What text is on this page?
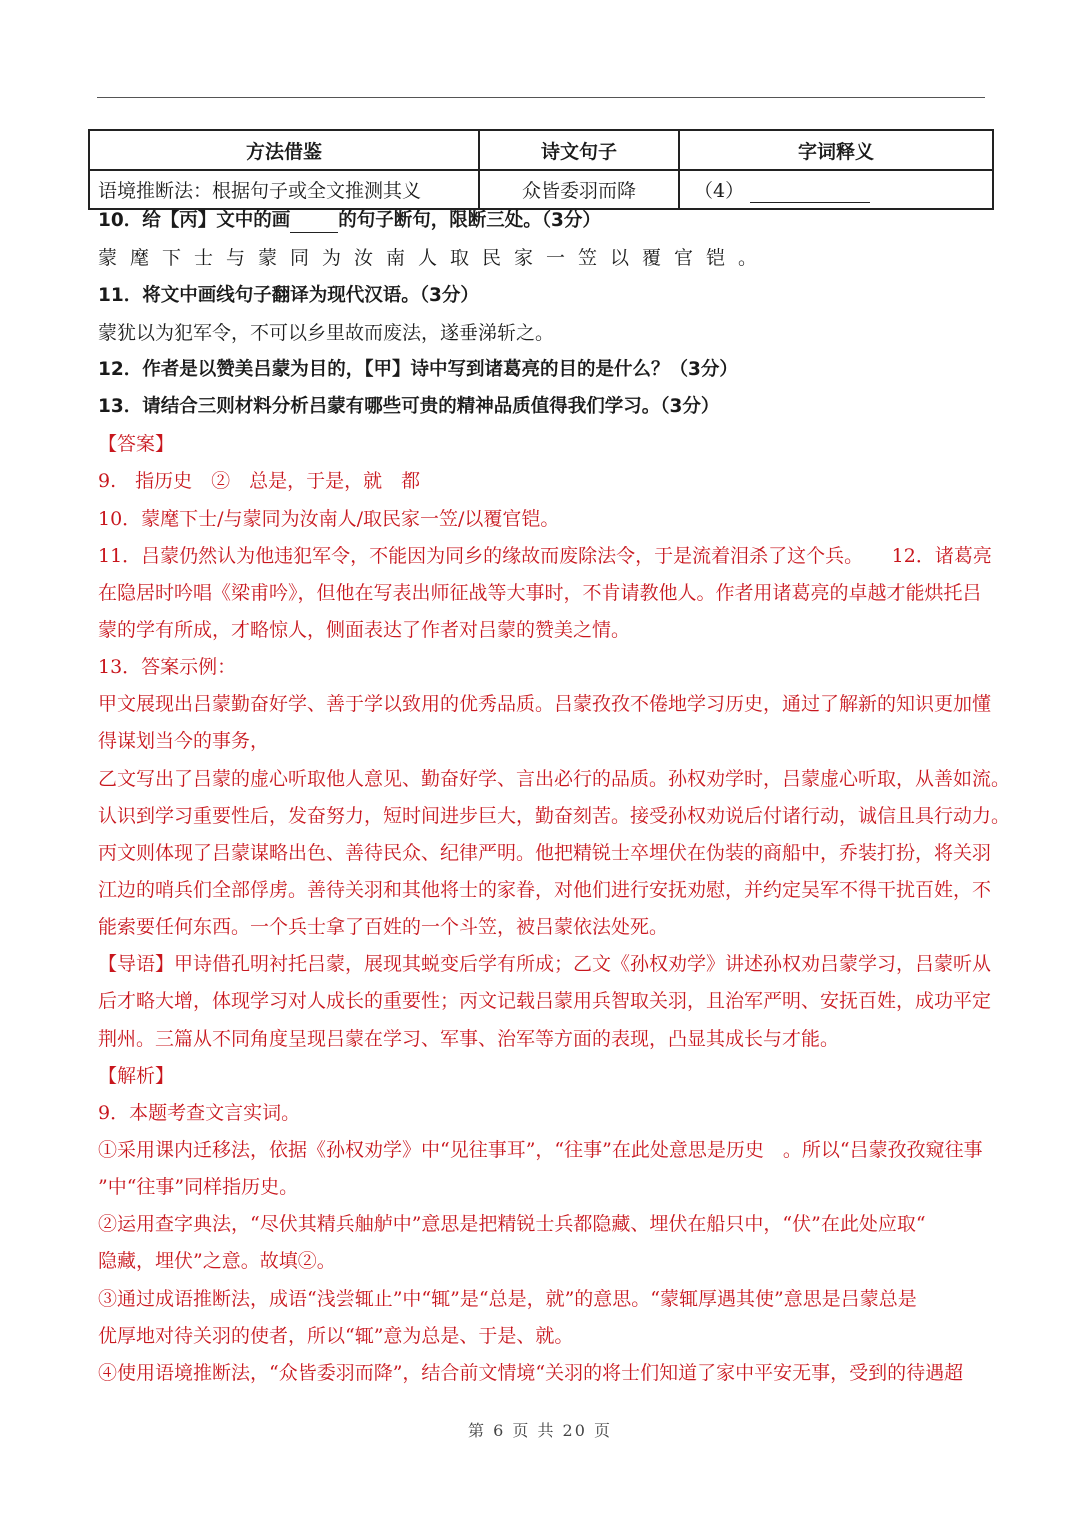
方法借鉴	诗文句子	字词释义
语境推断法：根据句子或全文推测其义	众皆委羽而降	（4）
10．给【丙】文中的画	的句子断句，限断三处。（3分）
蒙麾下士与蒙同为汝南人取民家一笠以覆官铠。
11．将文中画线句子翻译为现代汉语。（3分）
蒙犹以为犯军令，不可以乡里故而废法，遂垂涕斩之。
12．作者是以赞美吕蒙为目的，【甲】诗中写到诸葛亮的目的是什么？（3分）
13．请结合三则材料分析吕蒙有哪些可贵的精神品质值得我们学习。（3分）
【答案】
9.　指历史　②　总是，于是，就　都
10．蒙麾下士/与蒙同为汝南人/取民家一笠/以覆官铠。
11．吕蒙仍然认为他违犯军令，不能因为同乡的缘故而废除法令，于是流着泪杀了这个兵。　　12．诸葛亮
在隐居时吟唱《梁甫吟》，但他在写表出师征战等大事时，不肯请教他人。作者用诸葛亮的卓越才能烘托吕
蒙的学有所成，才略惊人，侧面表达了作者对吕蒙的赞美之情。
13．答案示例：
甲文展现出吕蒙勤奋好学、善于学以致用的优秀品质。吕蒙孜孜不倦地学习历史，通过了解新的知识更加懂
得谋划当今的事务，
乙文写出了吕蒙的虚心听取他人意见、勤奋好学、言出必行的品质。孙权劝学时，吕蒙虚心听取，从善如流。
认识到学习重要性后，发奋努力，短时间进步巨大，勤奋刻苦。接受孙权劝说后付诸行动，诚信且具行动力。
丙文则体现了吕蒙谋略出色、善待民众、纪律严明。他把精锐士卒埋伏在伪装的商船中，乔装打扮，将关羽
江边的哨兵们全部俘虏。善待关羽和其他将士的家眷，对他们进行安抚劝慰，并约定吴军不得干扰百姓，不
能索要任何东西。一个兵士拿了百姓的一个斗笠，被吕蒙依法处死。
【导语】甲诗借孔明衬托吕蒙，展现其蜕变后学有所成；乙文《孙权劝学》讲述孙权劝吕蒙学习，吕蒙听从
后才略大增，体现学习对人成长的重要性；丙文记载吕蒙用兵智取关羽，且治军严明、安抚百姓，成功平定
荆州。三篇从不同角度呈现吕蒙在学习、军事、治军等方面的表现，凸显其成长与才能。
【解析】
9．本题考查文言实词。
①采用课内迁移法，依据《孙权劝学》中“见往事耳”，“往事”在此处意思是历史　。所以“吕蒙孜孜窥往事
”中“往事”同样指历史。
②运用查字典法，“尽伏其精兵舳舻中”意思是把精锐士兵都隐藏、埋伏在船只中，“伏”在此处应取“
隐藏，埋伏”之意。故填②。
③通过成语推断法，成语“浅尝辄止”中“辄”是“总是，就”的意思。“蒙辄厚遇其使”意思是吕蒙总是
优厚地对待关羽的使者，所以“辄”意为总是、于是、就。
④使用语境推断法，“众皆委羽而降”，结合前文情境“关羽的将士们知道了家中平安无事，受到的待遇超
第 6 页 共 20 页
